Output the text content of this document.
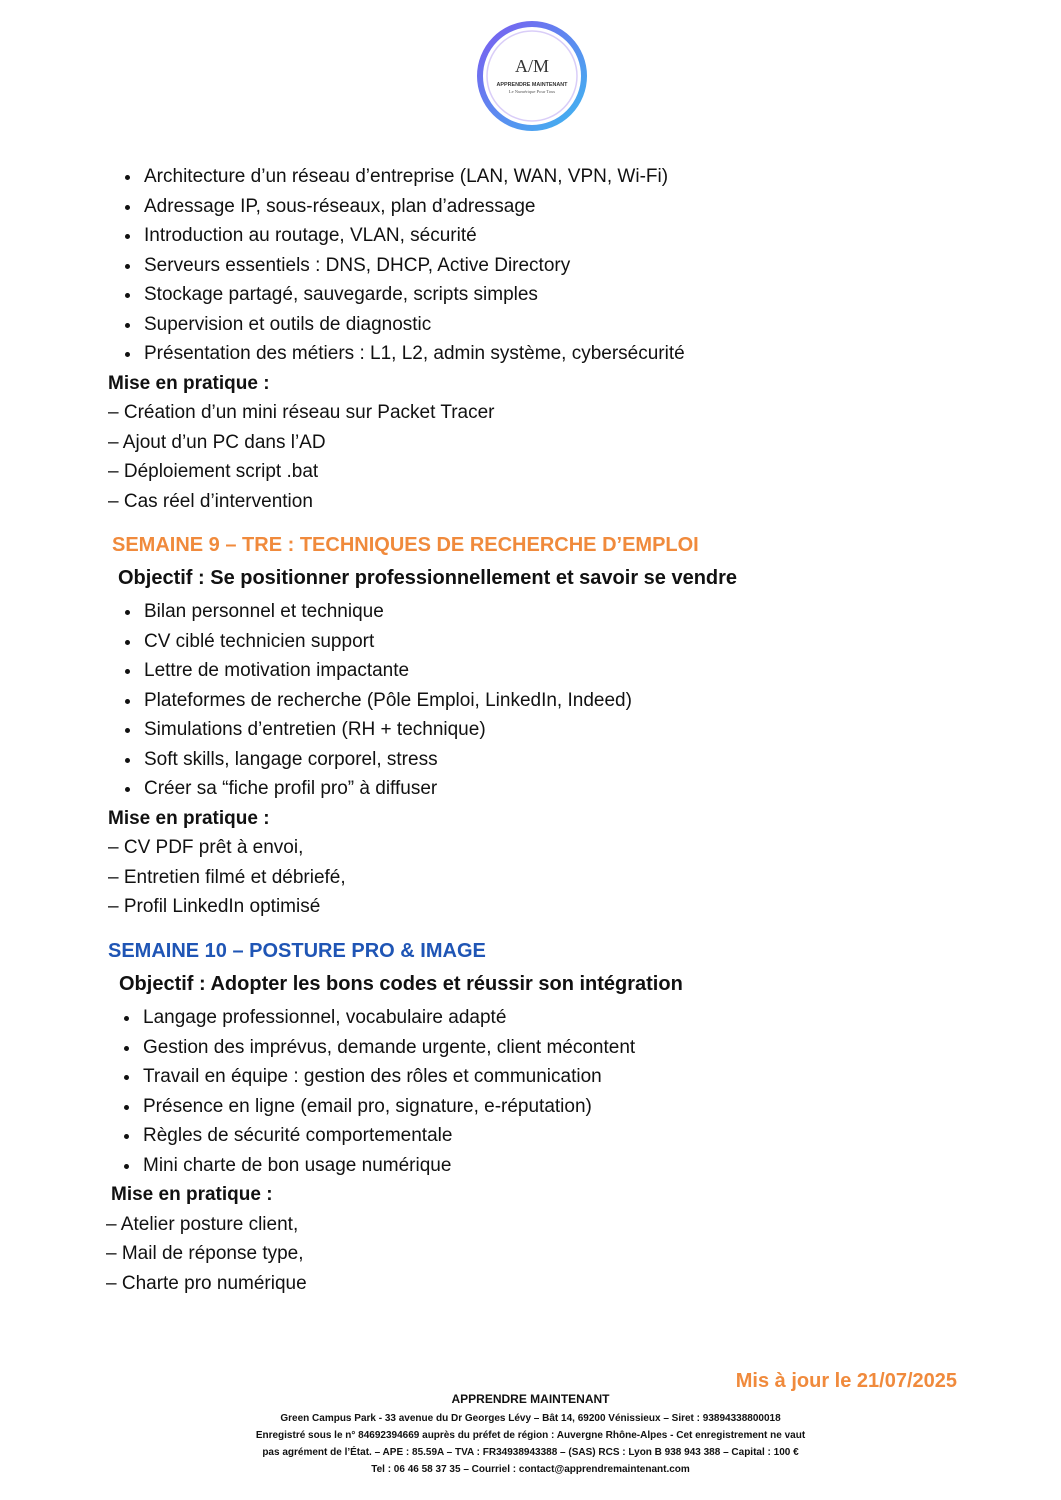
A/M
APPRENDRE MAINTENANT
Le Numérique Pour Tous
Architecture d’un réseau d’entreprise (LAN, WAN, VPN, Wi-Fi)
Adressage IP, sous-réseaux, plan d’adressage
Introduction au routage, VLAN, sécurité
Serveurs essentiels : DNS, DHCP, Active Directory
Stockage partagé, sauvegarde, scripts simples
Supervision et outils de diagnostic
Présentation des métiers : L1, L2, admin système, cybersécurité
Mise en pratique :
– Création d’un mini réseau sur Packet Tracer
– Ajout d’un PC dans l’AD
– Déploiement script .bat
– Cas réel d’intervention
SEMAINE 9 – TRE : TECHNIQUES DE RECHERCHE D’EMPLOI
Objectif : Se positionner professionnellement et savoir se vendre
Bilan personnel et technique
CV ciblé technicien support
Lettre de motivation impactante
Plateformes de recherche (Pôle Emploi, LinkedIn, Indeed)
Simulations d’entretien (RH + technique)
Soft skills, langage corporel, stress
Créer sa “fiche profil pro” à diffuser
Mise en pratique :
– CV PDF prêt à envoi,
– Entretien filmé et débriefé,
– Profil LinkedIn optimisé
SEMAINE 10 – POSTURE PRO & IMAGE
Objectif : Adopter les bons codes et réussir son intégration
Langage professionnel, vocabulaire adapté
Gestion des imprévus, demande urgente, client mécontent
Travail en équipe : gestion des rôles et communication
Présence en ligne (email pro, signature, e-réputation)
Règles de sécurité comportementale
Mini charte de bon usage numérique
Mise en pratique :
– Atelier posture client,
– Mail de réponse type,
– Charte pro numérique
Mis à jour le 21/07/2025
APPRENDRE MAINTENANT
Green Campus Park - 33 avenue du Dr Georges Lévy – Bât 14, 69200 Vénissieux – Siret : 93894338800018
Enregistré sous le n° 84692394669 auprès du préfet de région : Auvergne Rhône-Alpes - Cet enregistrement ne vaut
pas agrément de l’État. – APE : 85.59A – TVA : FR34938943388 – (SAS) RCS : Lyon B 938 943 388 – Capital : 100 €
Tel : 06 46 58 37 35 – Courriel : contact@apprendremaintenant.com
